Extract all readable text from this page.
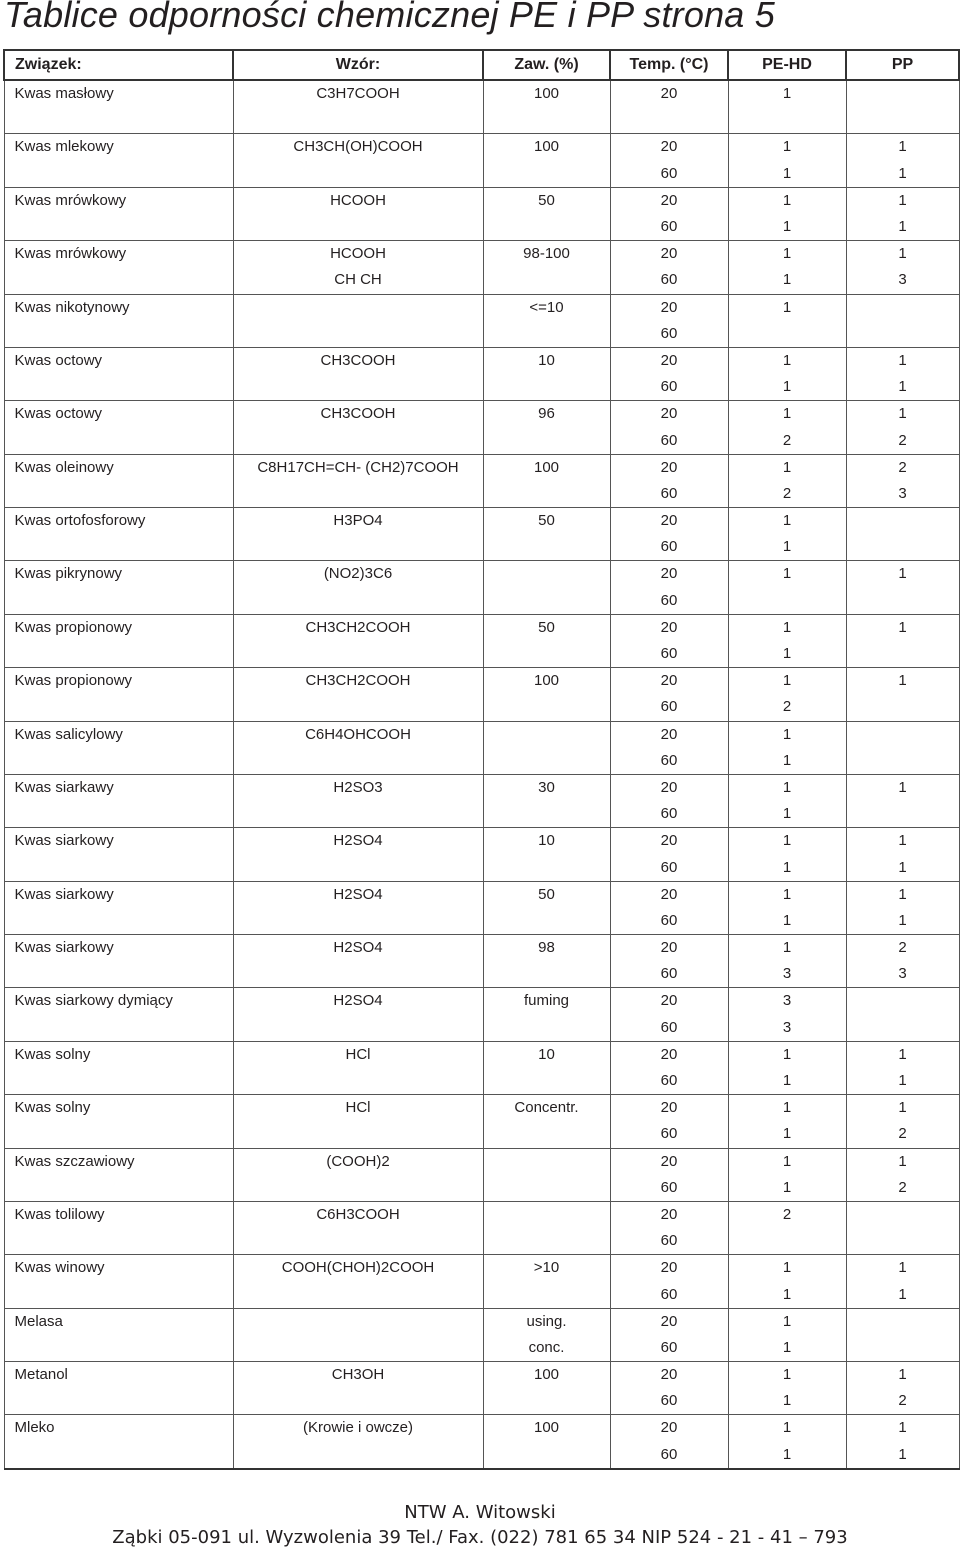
Tablice odporności chemicznej PE i PP strona 5
Związek:	Wzór:	Zaw. (%)	Temp. (°C)	PE-HD	PP
Kwas masłowy	C3H7COOH	100	20	1	

Kwas mlekowy	CH3CH(OH)COOH	100	20	1	1
			60	1	1
Kwas mrówkowy	HCOOH	50	20	1	1
			60	1	1
Kwas mrówkowy	HCOOH	98-100	20	1	1
	CH CH		60	1	3
Kwas nikotynowy		<=10	20	1	
			60		
Kwas octowy	CH3COOH	10	20	1	1
			60	1	1
Kwas octowy	CH3COOH	96	20	1	1
			60	2	2
Kwas oleinowy	C8H17CH=CH- (CH2)7COOH	100	20	1	2
			60	2	3
Kwas ortofosforowy	H3PO4	50	20	1	
			60	1	
Kwas pikrynowy	(NO2)3C6		20	1	1
			60		
Kwas propionowy	CH3CH2COOH	50	20	1	1
			60	1	
Kwas propionowy	CH3CH2COOH	100	20	1	1
			60	2	
Kwas salicylowy	C6H4OHCOOH		20	1	
			60	1	
Kwas siarkawy	H2SO3	30	20	1	1
			60	1	
Kwas siarkowy	H2SO4	10	20	1	1
			60	1	1
Kwas siarkowy	H2SO4	50	20	1	1
			60	1	1
Kwas siarkowy	H2SO4	98	20	1	2
			60	3	3
Kwas siarkowy dymiący	H2SO4	fuming	20	3	
			60	3	
Kwas solny	HCl	10	20	1	1
			60	1	1
Kwas solny	HCl	Concentr.	20	1	1
			60	1	2
Kwas szczawiowy	(COOH)2		20	1	1
			60	1	2
Kwas tolilowy	C6H3COOH		20	2	
			60		
Kwas winowy	COOH(CHOH)2COOH	>10	20	1	1
			60	1	1
Melasa		using.	20	1	
		conc.	60	1	
Metanol	CH3OH	100	20	1	1
			60	1	2
Mleko	(Krowie i owcze)	100	20	1	1
			60	1	1
NTW A. Witowski
Ząbki 05-091 ul. Wyzwolenia 39 Tel./ Fax. (022) 781 65 34 NIP 524 - 21 - 41 – 793
